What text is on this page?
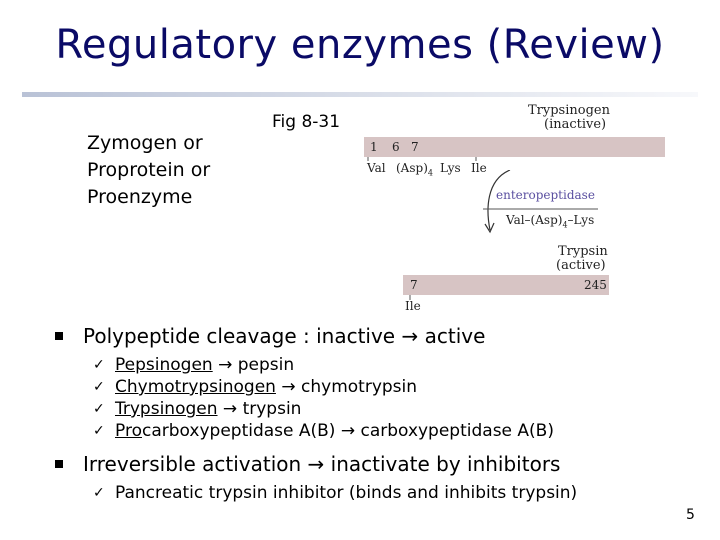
Regulatory enzymes (Review)
Zymogen or
Proprotein or
Proenzyme
Fig 8-31
Trypsinogen
(inactive)
1 6 7
Val $(Asp)_4$ Lys Ile
enteropeptidase
Val–$(Asp)_4$–Lys
Trypsin
(active)
7	245
Ile
Polypeptide cleavage : inactive → active
✓ Pepsinogen → pepsin
✓ Chymotrypsinogen → chymotrypsin
✓ Trypsinogen → trypsin
✓ Procarboxypeptidase A(B) → carboxypeptidase A(B)
Irreversible activation → inactivate by inhibitors
✓ Pancreatic trypsin inhibitor (binds and inhibits trypsin)
5
